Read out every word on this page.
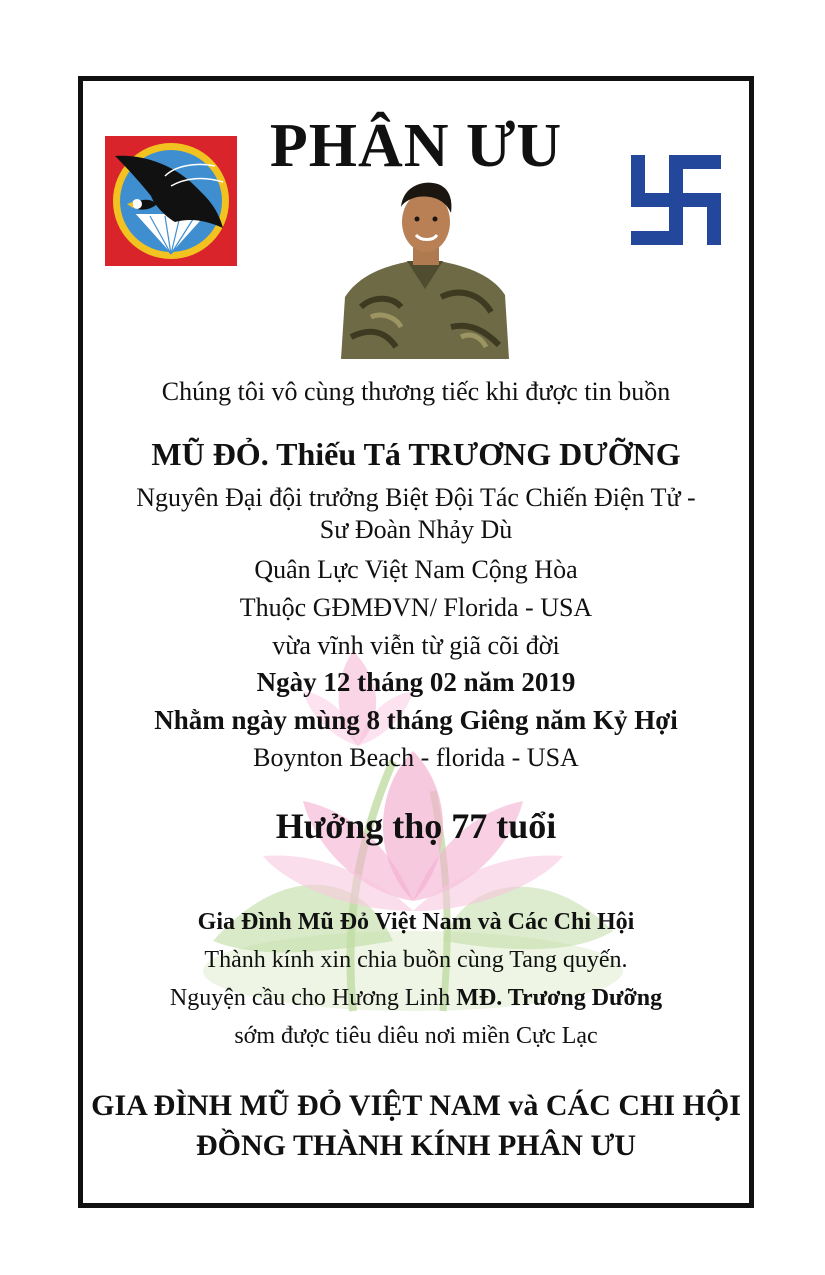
PHÂN ƯU
Chúng tôi vô cùng thương tiếc khi được tin buồn
MŨ ĐỎ. Thiếu Tá TRƯƠNG DƯỠNG
Nguyên Đại đội trưởng Biệt Đội Tác Chiến Điện Tử -
Sư Đoàn Nhảy Dù
Quân Lực Việt Nam Cộng Hòa
Thuộc GĐMĐVN/ Florida - USA
vừa vĩnh viễn từ giã cõi đời
Ngày 12 tháng 02 năm 2019
Nhằm ngày mùng 8 tháng Giêng năm Kỷ Hợi
Boynton Beach - florida - USA
Hưởng thọ 77 tuổi
Gia Đình Mũ Đỏ Việt Nam và Các Chi Hội
Thành kính xin chia buồn cùng Tang quyến.
Nguyện cầu cho Hương Linh MĐ. Trương Dưỡng
sớm được tiêu diêu nơi miền Cực Lạc
GIA ĐÌNH MŨ ĐỎ VIỆT NAM và CÁC CHI HỘI
ĐỒNG THÀNH KÍNH PHÂN ƯU
